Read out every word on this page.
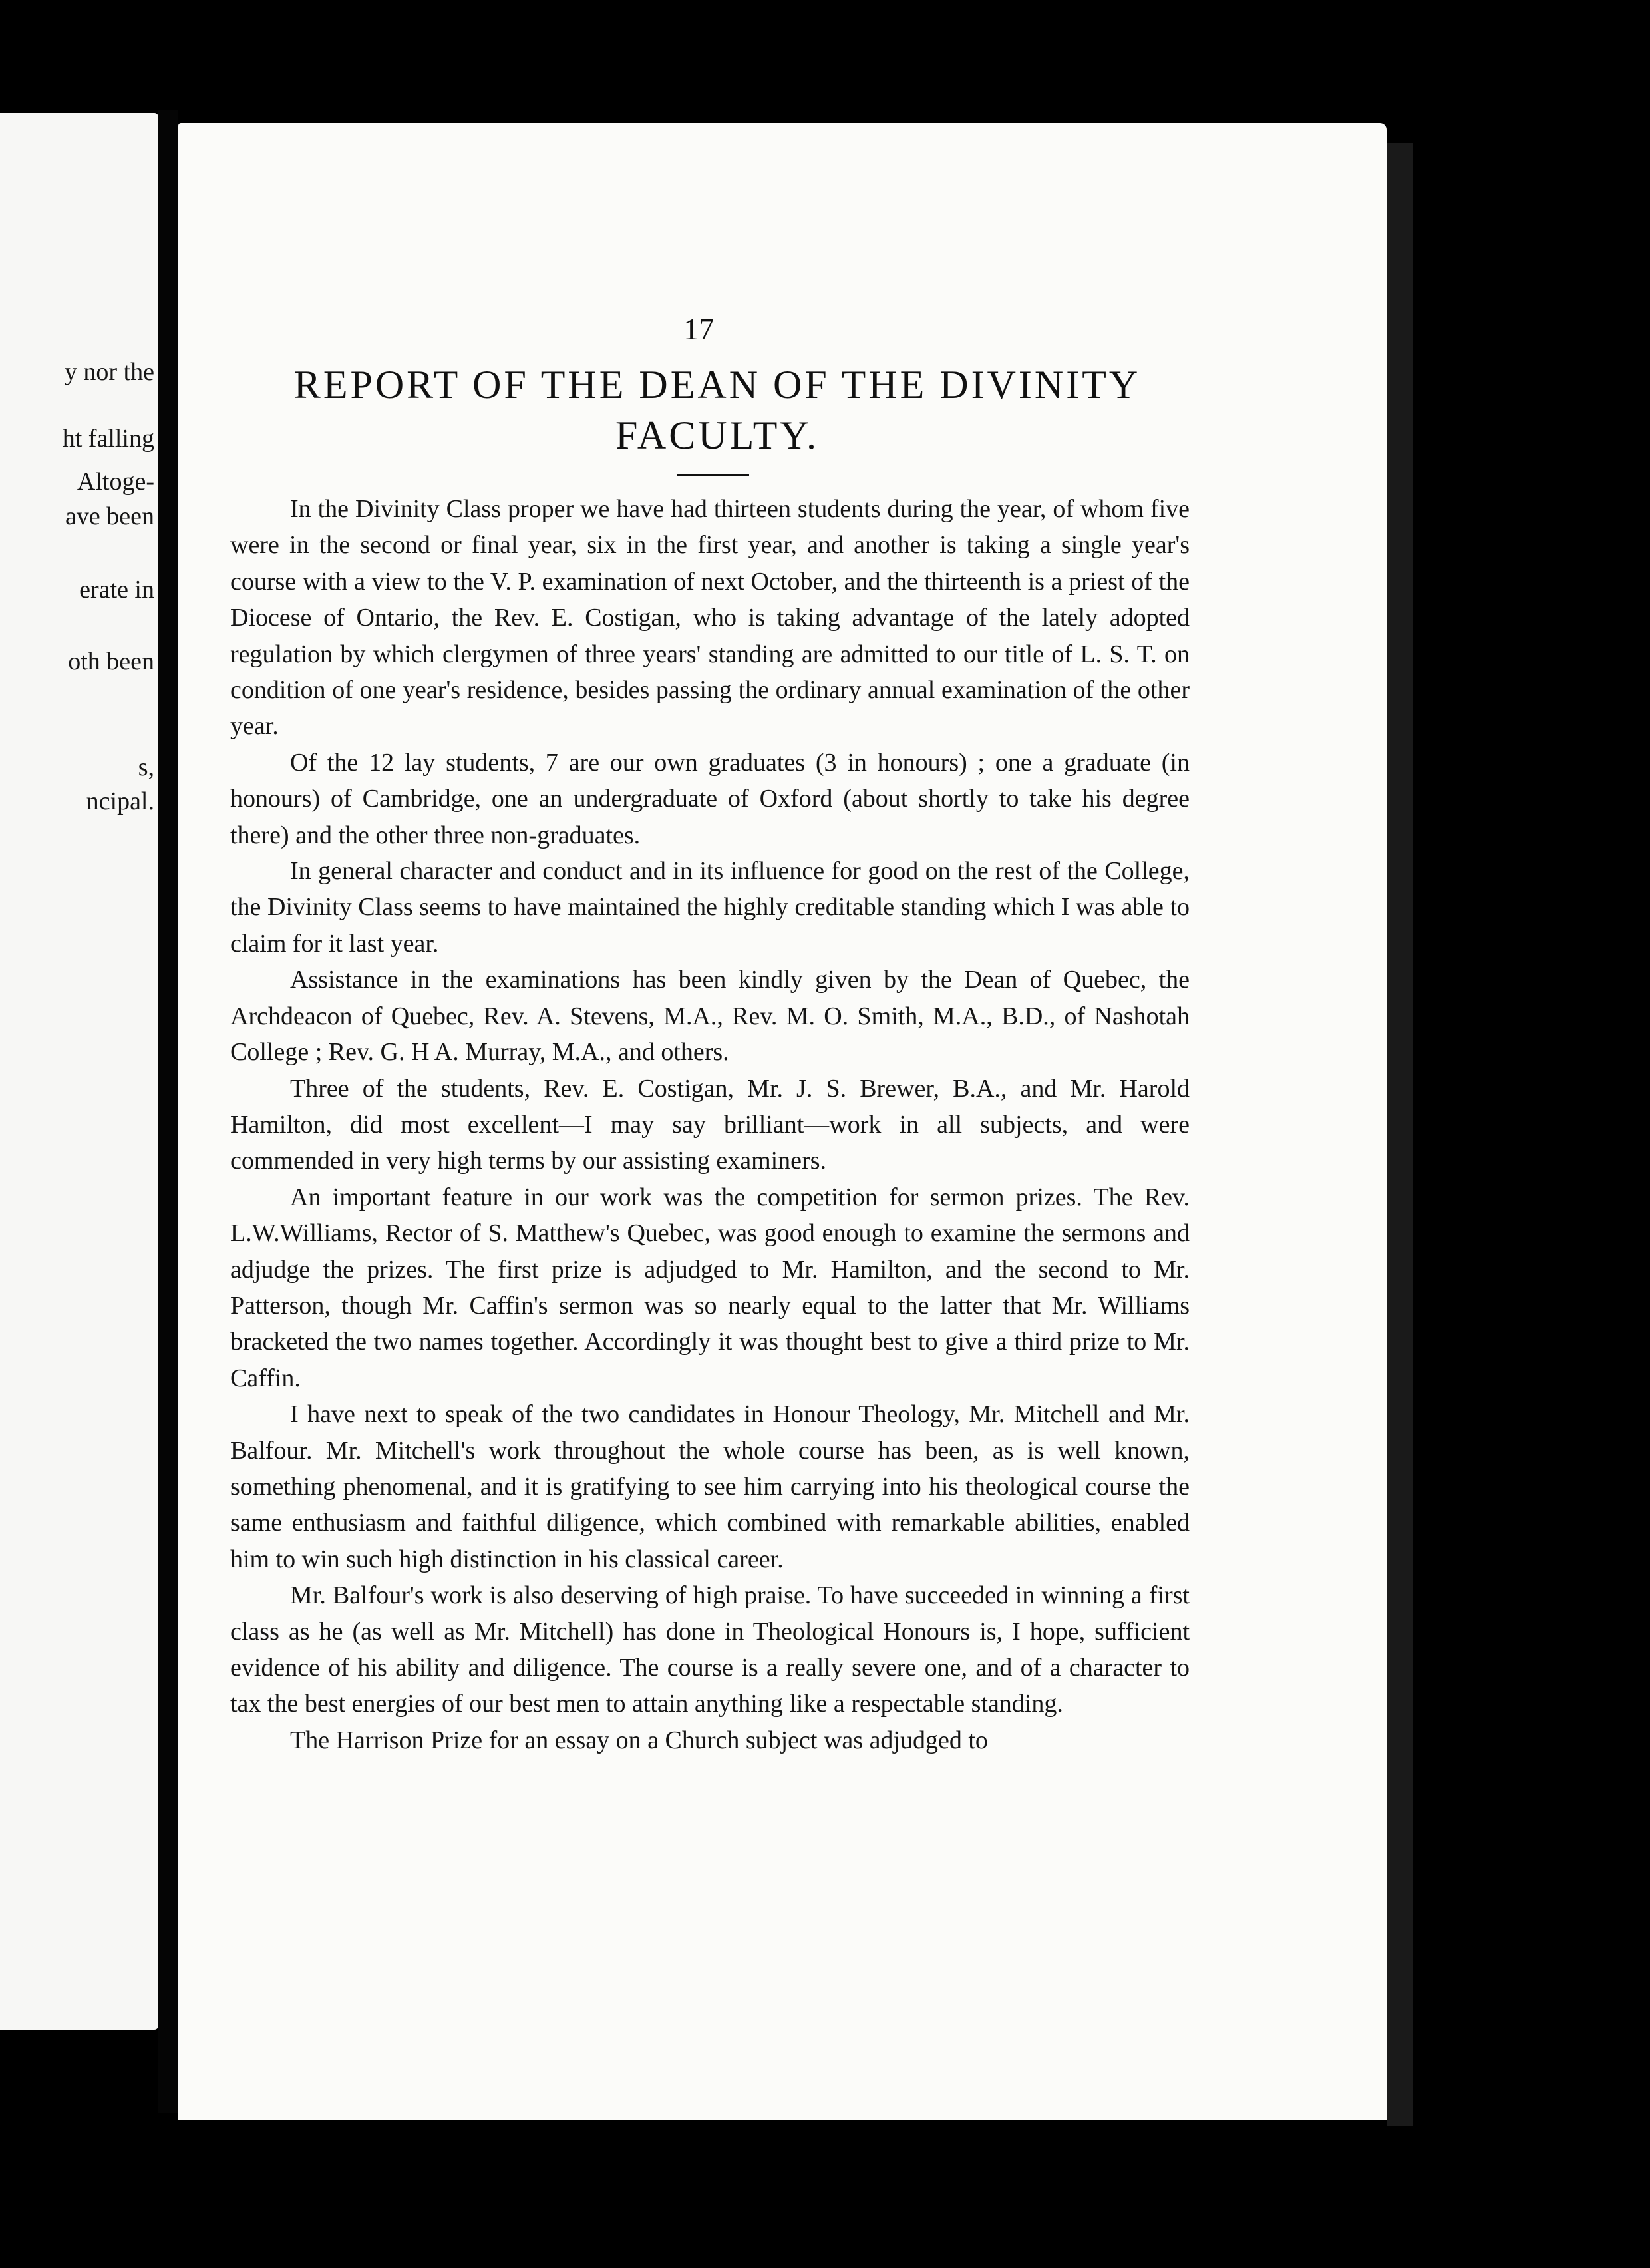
y nor the

ht falling

Altoge-

ave been

erate in

oth been

s,

ncipal.

17

REPORT OF THE DEAN OF THE DIVINITY
FACULTY.

In the Divinity Class proper we have had thirteen students during the year, of whom five were in the second or final year, six in the first year, and another is taking a single year's course with a view to the V. P. examination of next October, and the thirteenth is a priest of the Diocese of Ontario, the Rev. E. Costigan, who is taking advantage of the lately adopted regulation by which clergymen of three years' standing are admitted to our title of L. S. T. on condition of one year's residence, besides passing the ordinary annual examination of the other year.

Of the 12 lay students, 7 are our own graduates (3 in honours) ; one a graduate (in honours) of Cambridge, one an undergraduate of Oxford (about shortly to take his degree there) and the other three non-graduates.

In general character and conduct and in its influence for good on the rest of the College, the Divinity Class seems to have maintained the highly creditable standing which I was able to claim for it last year.

Assistance in the examinations has been kindly given by the Dean of Quebec, the Archdeacon of Quebec, Rev. A. Stevens, M.A., Rev. M. O. Smith, M.A., B.D., of Nashotah College ; Rev. G. H A. Murray, M.A., and others.

Three of the students, Rev. E. Costigan, Mr. J. S. Brewer, B.A., and Mr. Harold Hamilton, did most excellent—I may say brilliant—work in all subjects, and were commended in very high terms by our assisting examiners.

An important feature in our work was the competition for sermon prizes. The Rev. L.W.Williams, Rector of S. Matthew's Quebec, was good enough to examine the sermons and adjudge the prizes. The first prize is adjudged to Mr. Hamilton, and the second to Mr. Patterson, though Mr. Caffin's sermon was so nearly equal to the latter that Mr. Williams bracketed the two names together. Accordingly it was thought best to give a third prize to Mr. Caffin.

I have next to speak of the two candidates in Honour Theology, Mr. Mitchell and Mr. Balfour. Mr. Mitchell's work throughout the whole course has been, as is well known, something phenomenal, and it is gratifying to see him carrying into his theological course the same enthusiasm and faithful diligence, which combined with remarkable abilities, enabled him to win such high distinction in his classical career.

Mr. Balfour's work is also deserving of high praise. To have succeeded in winning a first class as he (as well as Mr. Mitchell) has done in Theological Honours is, I hope, sufficient evidence of his ability and diligence. The course is a really severe one, and of a character to tax the best energies of our best men to attain anything like a respectable standing.

The Harrison Prize for an essay on a Church subject was adjudged to
